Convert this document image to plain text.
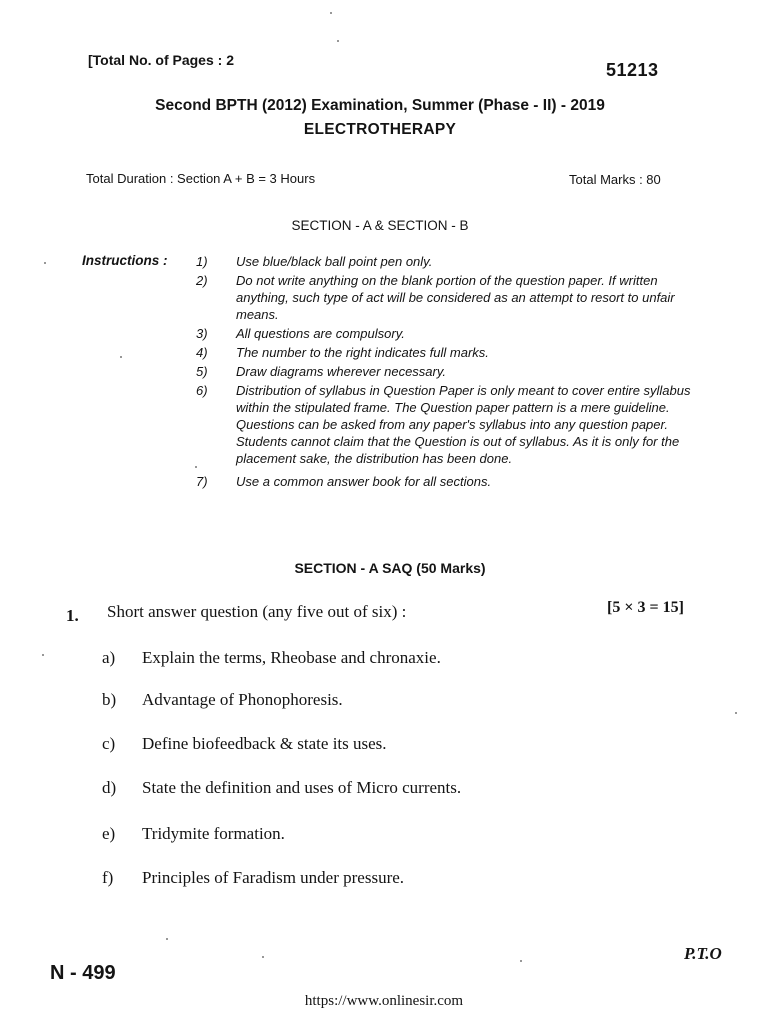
[Total No. of Pages : 2	51213
Second BPTH (2012) Examination, Summer (Phase - II) - 2019
ELECTROTHERAPY
Total Duration : Section A + B = 3 Hours	Total Marks : 80
SECTION - A & SECTION - B
Instructions :	1)	Use blue/black ball point pen only.
2)	Do not write anything on the blank portion of the question paper. If written anything, such type of act will be considered as an attempt to resort to unfair means.
3)	All questions are compulsory.
4)	The number to the right indicates full marks.
5)	Draw diagrams wherever necessary.
6)	Distribution of syllabus in Question Paper is only meant to cover entire syllabus within the stipulated frame. The Question paper pattern is a mere guideline. Questions can be asked from any paper's syllabus into any question paper. Students cannot claim that the Question is out of syllabus. As it is only for the placement sake, the distribution has been done.
7)	Use a common answer book for all sections.
SECTION - A SAQ (50 Marks)
1. Short answer question (any five out of six) :	[5 × 3 = 15]
a)	Explain the terms, Rheobase and chronaxie.
b)	Advantage of Phonophoresis.
c)	Define biofeedback & state its uses.
d)	State the definition and uses of Micro currents.
e)	Tridymite formation.
f)	Principles of Faradism under pressure.
P.T.O
N - 499
https://www.onlinesir.com
